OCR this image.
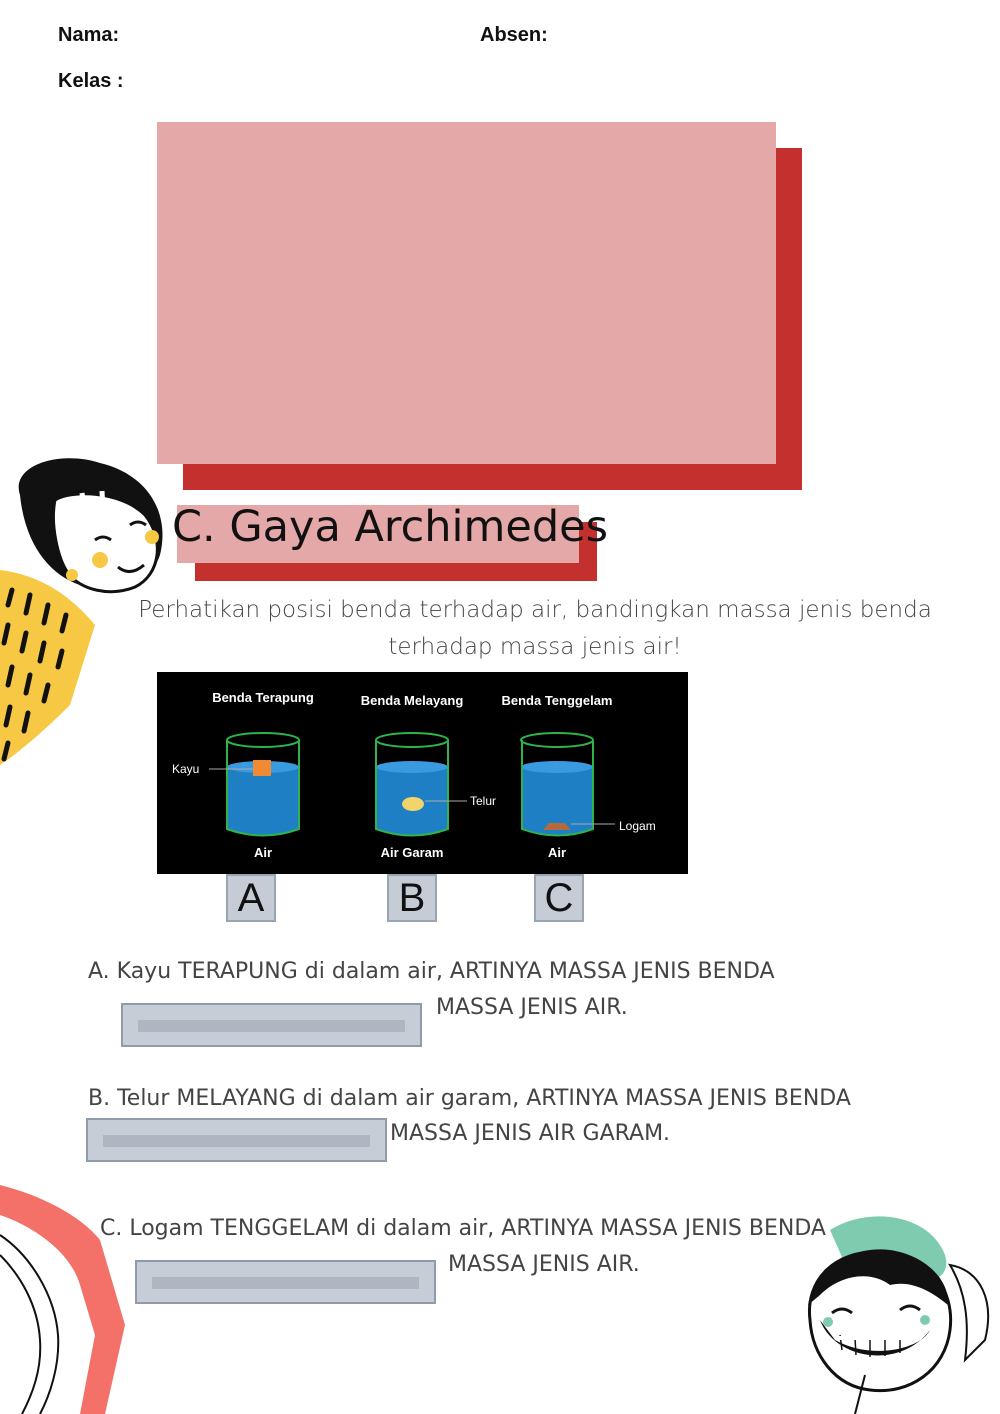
Nama:	Absen:
Kelas :
C. Gaya Archimedes
Perhatikan posisi benda terhadap air, bandingkan massa jenis benda terhadap massa jenis air!
Benda Terapung	Benda Melayang	Benda Tenggelam
Kayu
Telur
Logam
Air	Air Garam	Air
A	B	C
A. Kayu TERAPUNG di dalam air, ARTINYA MASSA JENIS BENDA
MASSA JENIS AIR.
B. Telur MELAYANG di dalam air garam, ARTINYA MASSA JENIS BENDA
MASSA JENIS AIR GARAM.
C. Logam TENGGELAM di dalam air, ARTINYA MASSA JENIS BENDA
MASSA JENIS AIR.
